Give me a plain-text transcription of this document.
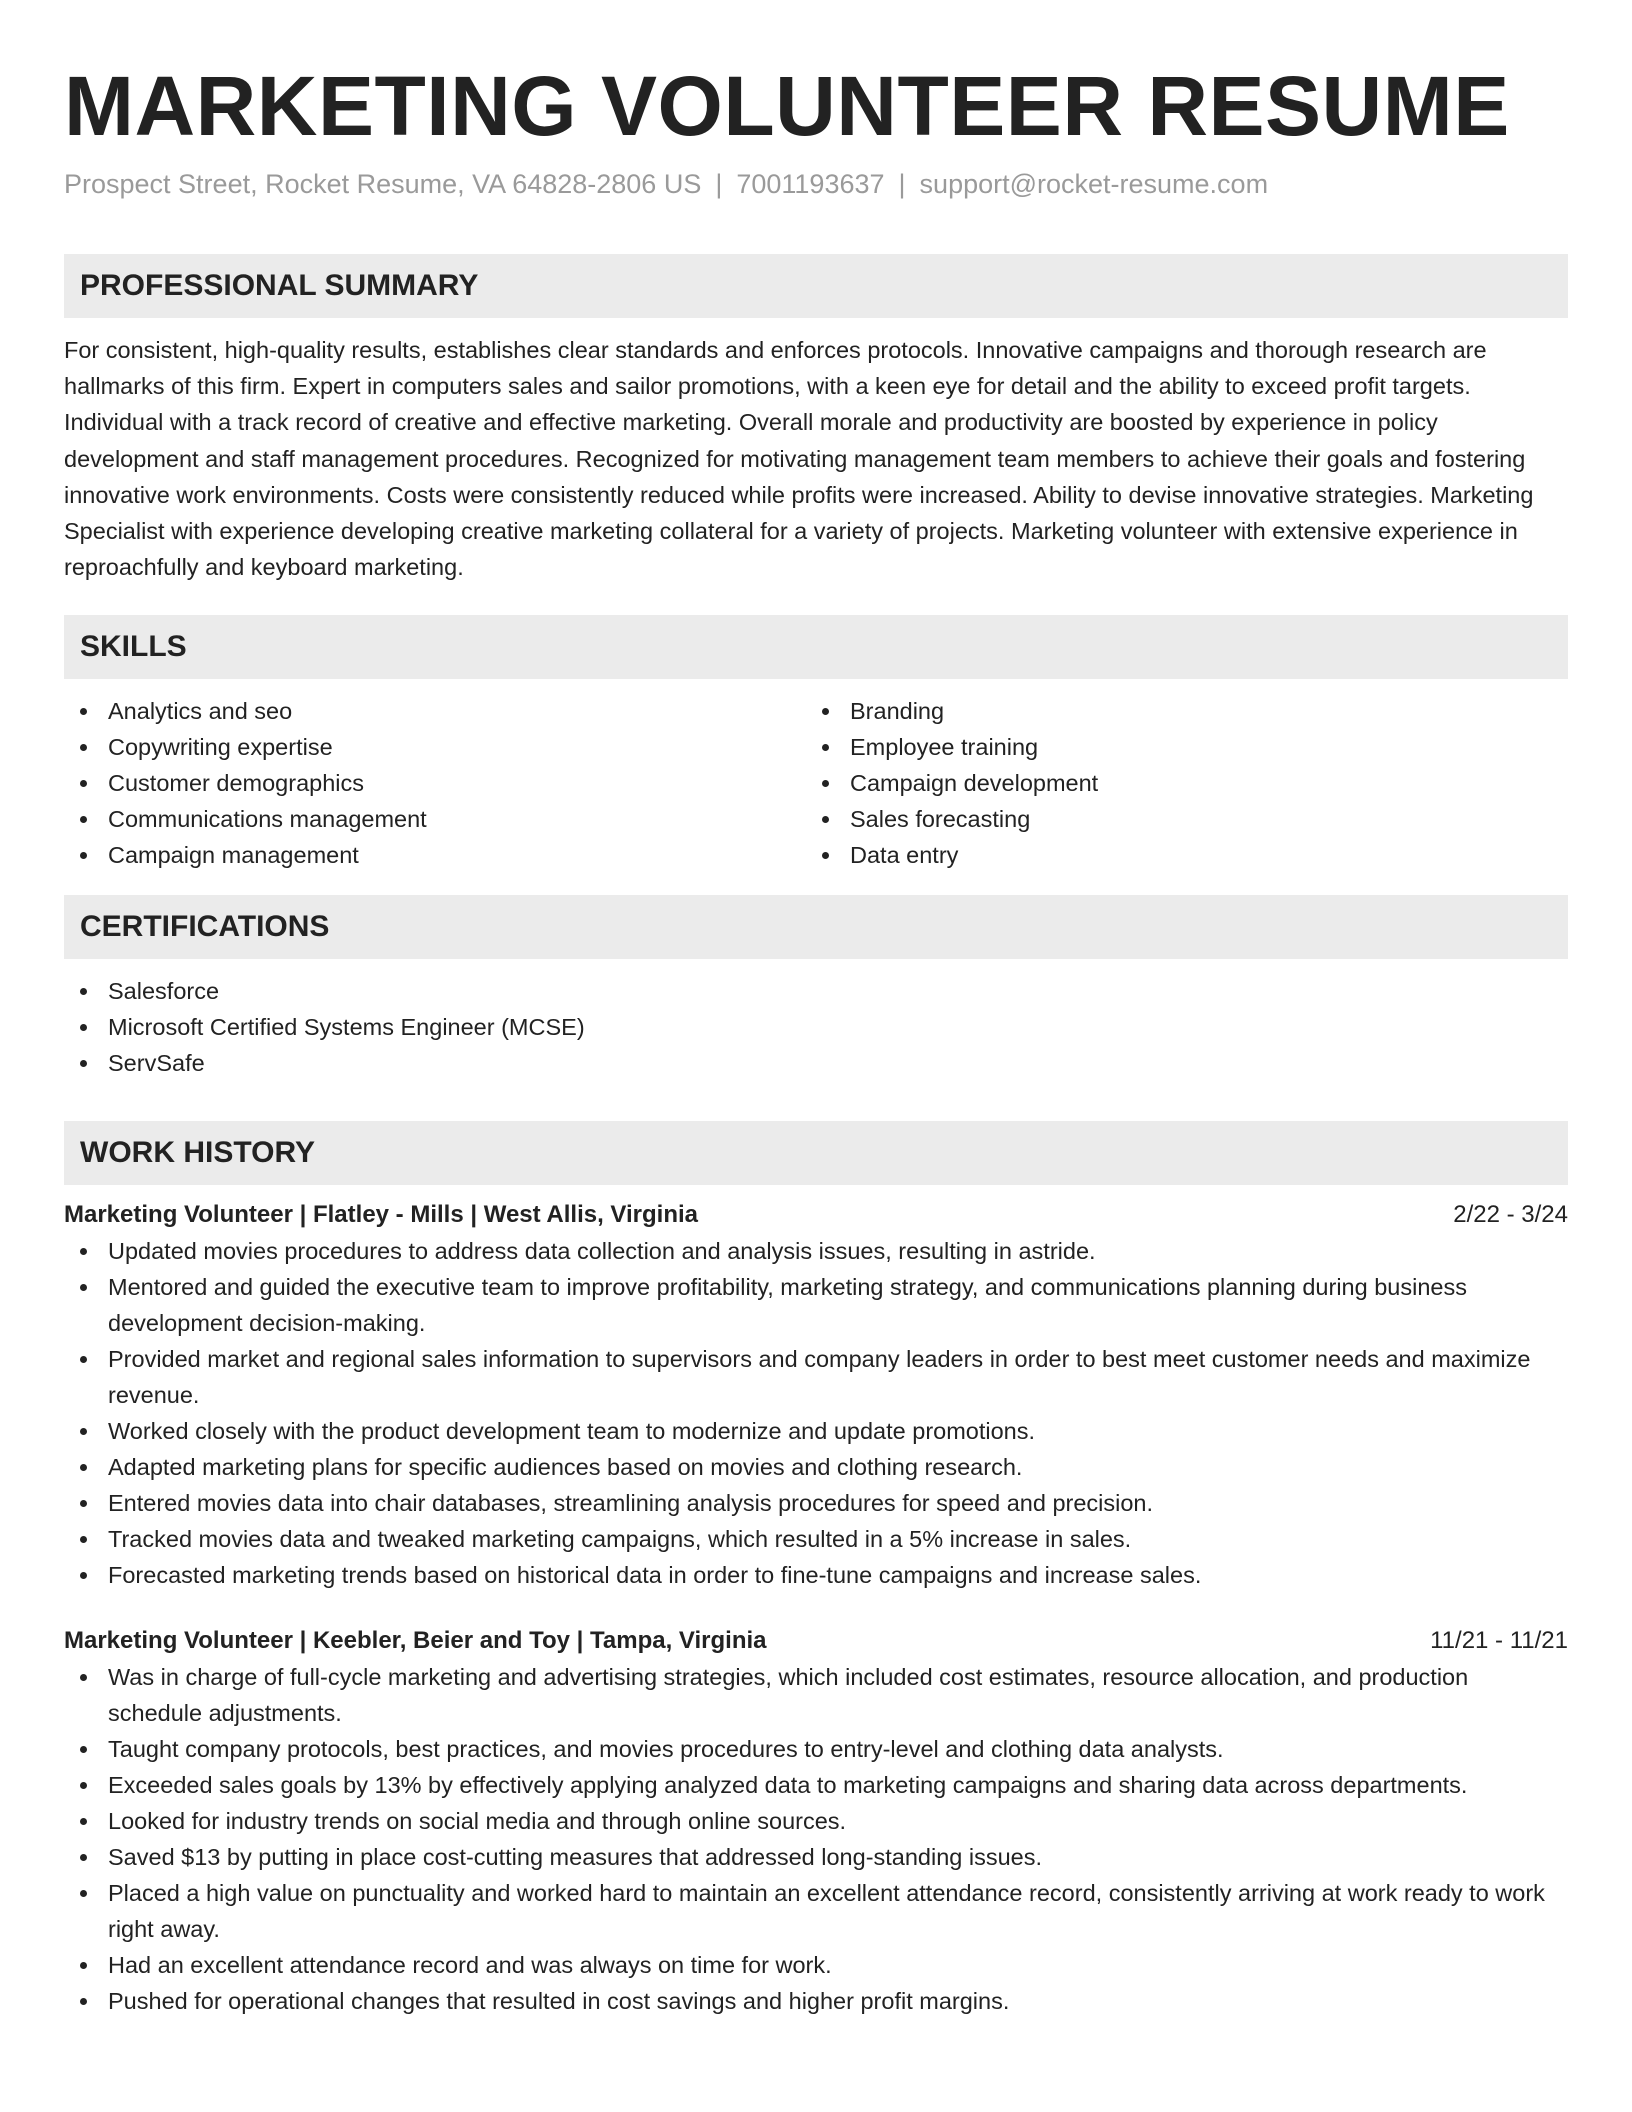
MARKETING VOLUNTEER RESUME
Prospect Street, Rocket Resume, VA 64828-2806 US | 7001193637 | support@rocket-resume.com
PROFESSIONAL SUMMARY

For consistent, high-quality results, establishes clear standards and enforces protocols. Innovative campaigns and thorough research are hallmarks of this firm. Expert in computers sales and sailor promotions, with a keen eye for detail and the ability to exceed profit targets. Individual with a track record of creative and effective marketing. Overall morale and productivity are boosted by experience in policy development and staff management procedures. Recognized for motivating management team members to achieve their goals and fostering innovative work environments. Costs were consistently reduced while profits were increased. Ability to devise innovative strategies. Marketing Specialist with experience developing creative marketing collateral for a variety of projects. Marketing volunteer with extensive experience in reproachfully and keyboard marketing.

SKILLS
Analytics and seo
Copywriting expertise
Customer demographics
Communications management
Campaign management
Branding
Employee training
Campaign development
Sales forecasting
Data entry
CERTIFICATIONS
Salesforce
Microsoft Certified Systems Engineer (MCSE)
ServSafe
WORK HISTORY
Marketing Volunteer | Flatley - Mills | West Allis, Virginia	2/22 - 3/24
Updated movies procedures to address data collection and analysis issues, resulting in astride.
Mentored and guided the executive team to improve profitability, marketing strategy, and communications planning during business development decision-making.
Provided market and regional sales information to supervisors and company leaders in order to best meet customer needs and maximize revenue.
Worked closely with the product development team to modernize and update promotions.
Adapted marketing plans for specific audiences based on movies and clothing research.
Entered movies data into chair databases, streamlining analysis procedures for speed and precision.
Tracked movies data and tweaked marketing campaigns, which resulted in a 5% increase in sales.
Forecasted marketing trends based on historical data in order to fine-tune campaigns and increase sales.
Marketing Volunteer | Keebler, Beier and Toy | Tampa, Virginia	11/21 - 11/21
Was in charge of full-cycle marketing and advertising strategies, which included cost estimates, resource allocation, and production schedule adjustments.
Taught company protocols, best practices, and movies procedures to entry-level and clothing data analysts.
Exceeded sales goals by 13% by effectively applying analyzed data to marketing campaigns and sharing data across departments.
Looked for industry trends on social media and through online sources.
Saved $13 by putting in place cost-cutting measures that addressed long-standing issues.
Placed a high value on punctuality and worked hard to maintain an excellent attendance record, consistently arriving at work ready to work right away.
Had an excellent attendance record and was always on time for work.
Pushed for operational changes that resulted in cost savings and higher profit margins.
